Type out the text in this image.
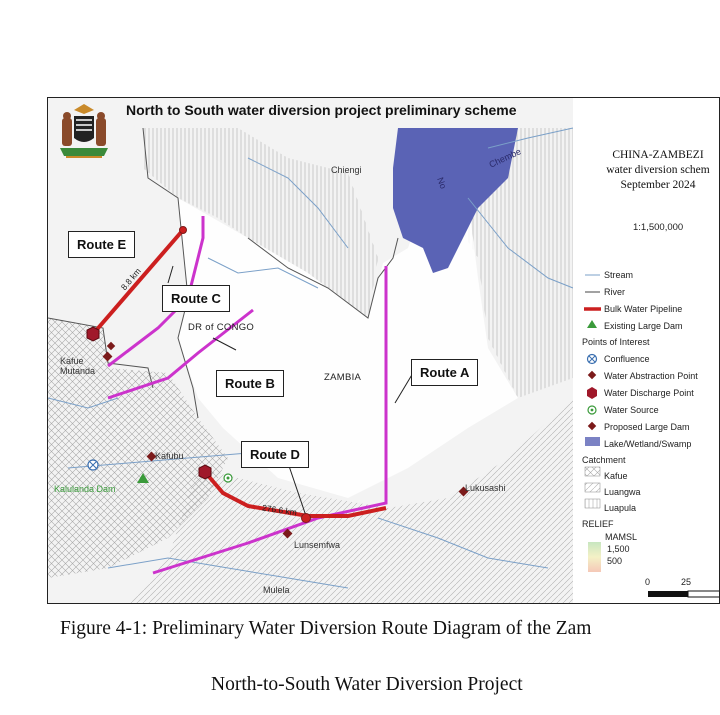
North to South water diversion project preliminary scheme
Route E
Route C
Route B
Route A
Route D
8.8 km
276.6 km
Chiengi
Kafue
Mutanda
Kafubu
Kalulanda Dam	Lukusashi
Lunsemfwa
Mulela
Chembe
No
DR of CONGO
ZAMBIA
CHINA-ZAMBEZI
water diversion schem
September 2024
1:1,500,000
Stream
River
Bulk Water Pipeline
Existing Large Dam
Points of Interest
Confluence
Water Abstraction Point
Water Discharge Point
Water Source
Proposed Large Dam
Lake/Wetland/Swamp
Catchment
Kafue
Luangwa
Luapula
RELIEF
MAMSL
1,500
500
0	25
Figure 4-1: Preliminary Water Diversion Route Diagram of the Zam
North-to-South Water Diversion Project
